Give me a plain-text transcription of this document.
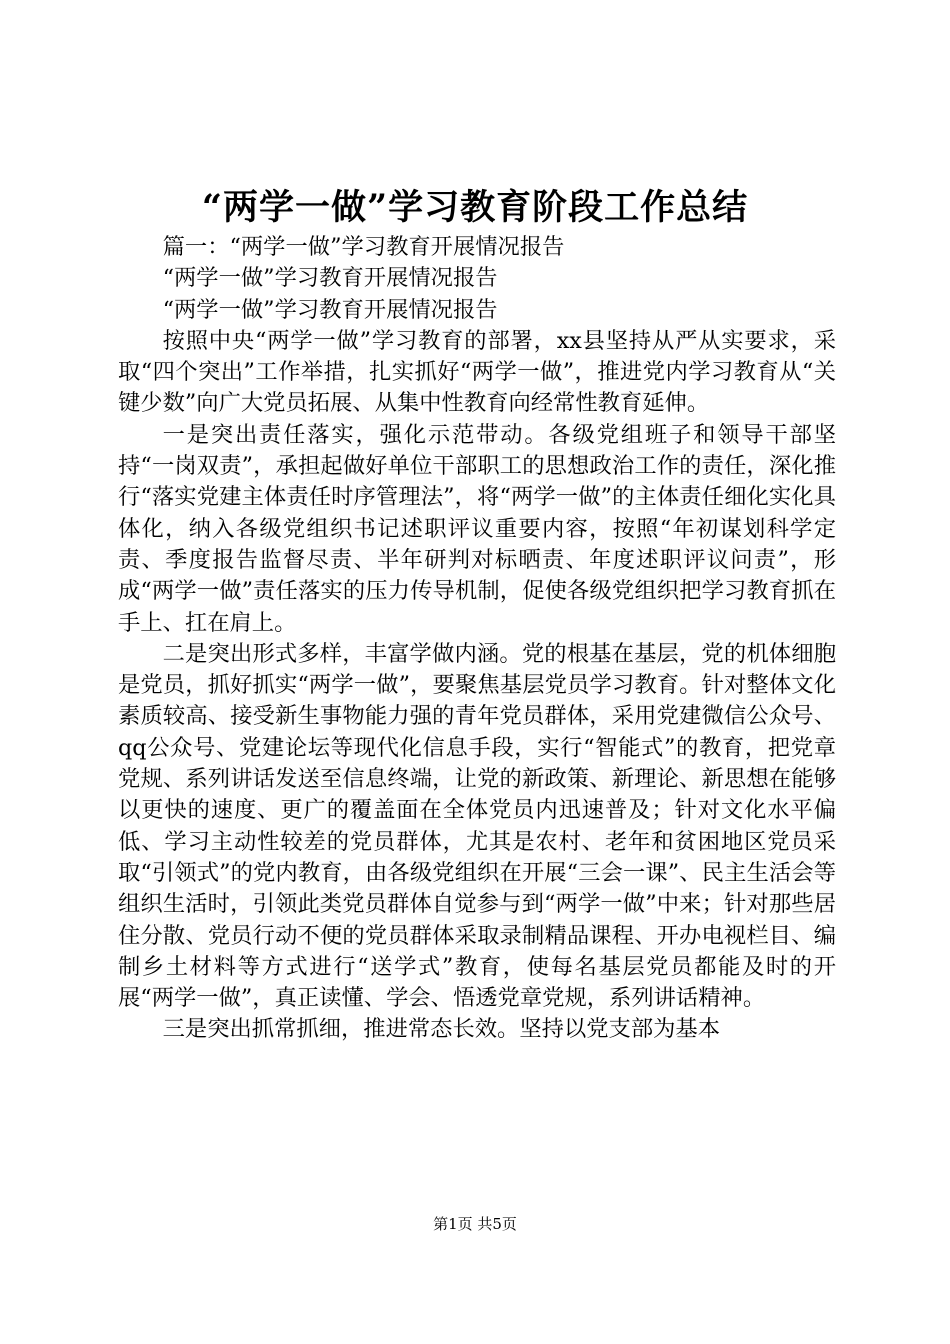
“两学一做”学习教育阶段工作总结

篇一：“两学一做”学习教育开展情况报告

“两学一做”学习教育开展情况报告

“两学一做”学习教育开展情况报告

按照中央“两学一做”学习教育的部署，xx县坚持从严从实要求，采取“四个突出”工作举措，扎实抓好“两学一做”，推进党内学习教育从“关键少数”向广大党员拓展、从集中性教育向经常性教育延伸。

一是突出责任落实，强化示范带动。各级党组班子和领导干部坚持“一岗双责”，承担起做好单位干部职工的思想政治工作的责任，深化推行“落实党建主体责任时序管理法”，将“两学一做”的主体责任细化实化具体化，纳入各级党组织书记述职评议重要内容，按照“年初谋划科学定责、季度报告监督尽责、半年研判对标晒责、年度述职评议问责”，形成“两学一做”责任落实的压力传导机制，促使各级党组织把学习教育抓在手上、扛在肩上。

二是突出形式多样，丰富学做内涵。党的根基在基层，党的机体细胞是党员，抓好抓实“两学一做”，要聚焦基层党员学习教育。针对整体文化素质较高、接受新生事物能力强的青年党员群体，采用党建微信公众号、qq公众号、党建论坛等现代化信息手段，实行“智能式”的教育，把党章党规、系列讲话发送至信息终端，让党的新政策、新理论、新思想在能够以更快的速度、更广的覆盖面在全体党员内迅速普及；针对文化水平偏低、学习主动性较差的党员群体，尤其是农村、老年和贫困地区党员采取“引领式”的党内教育，由各级党组织在开展“三会一课”、民主生活会等组织生活时，引领此类党员群体自觉参与到“两学一做”中来；针对那些居住分散、党员行动不便的党员群体采取录制精品课程、开办电视栏目、编制乡土材料等方式进行“送学式”教育，使每名基层党员都能及时的开展“两学一做”，真正读懂、学会、悟透党章党规，系列讲话精神。

三是突出抓常抓细，推进常态长效。坚持以党支部为基本

第1页 共5页
